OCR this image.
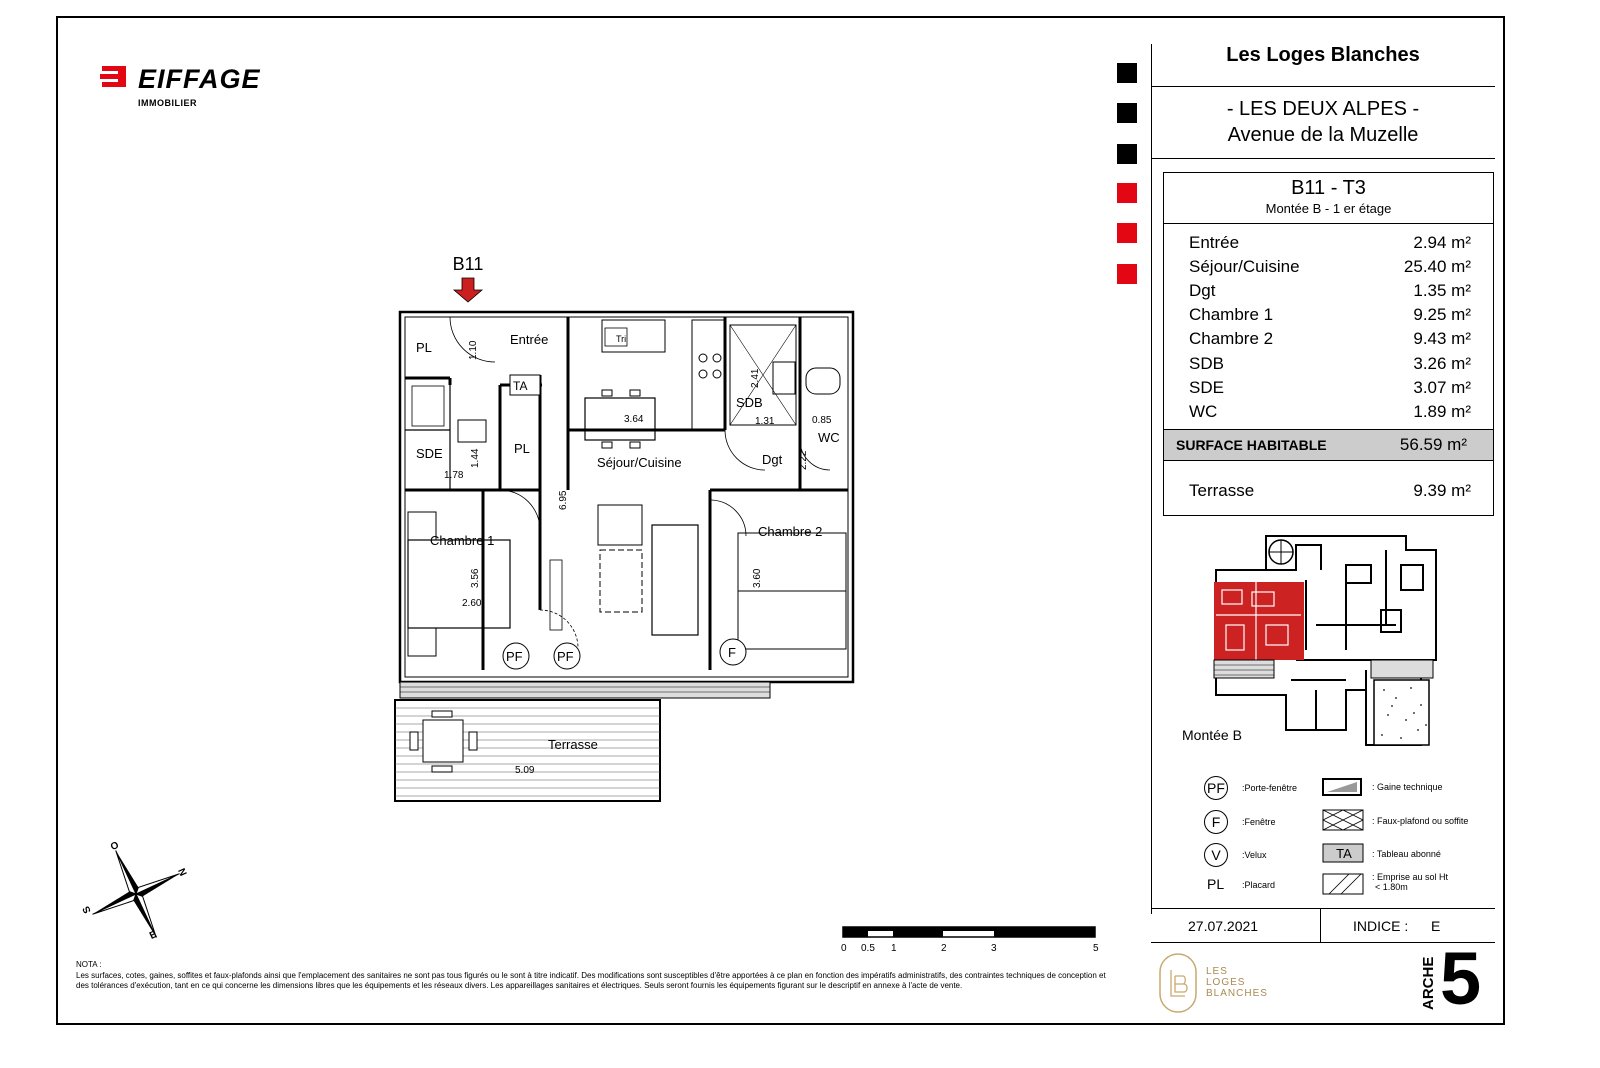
EIFFAGE
IMMOBILIER
Les Loges Blanches
- LES DEUX ALPES -
Avenue de la Muzelle
B11 - T3
Montée B - 1 er étage
Entrée	2.94 m²
Séjour/Cuisine	25.40 m²
Dgt	1.35 m²
Chambre 1	9.25 m²
Chambre 2	9.43 m²
SDB	3.26 m²
SDE	3.07 m²
WC	1.89 m²
SURFACE HABITABLE	56.59 m²
Terrasse	9.39 m²
Montée B
PF	:Porte-fenêtre
F	:Fenêtre
V	:Velux
PL :Placard
TA
: Gaine technique
: Faux-plafond ou soffite
: Tableau abonné
: Emprise au sol Ht
< 1.80m
27.07.2021	INDICE : E
LES
LOGES
BLANCHES	ARCHE 5
0 0.5 1	2	3	5
O
N
S
E
NOTA :
Les surfaces, cotes, gaines, soffites et faux-plafonds ainsi que l'emplacement des sanitaires ne sont pas tous figurés ou le sont à titre indicatif. Des modifications sont susceptibles d'être apportées à ce plan en fonction des impératifs administratifs, des contraintes techniques de conception et des tolérances d'exécution, tant en ce qui concerne les dimensions libres que les équipements et les réseaux divers. Les appareillages sanitaires et électriques. Seuls seront fournis les équipements figurant sur le descriptif en annexe à l'acte de vente.
B11
Entrée
Séjour/Cuisine	Dgt
Chambre 1
Chambre 2
SDB
SDE
WC
PL
PL
TA
Terrasse
Tri
PF	PF	F
1.10
3.64
6.95
1.44
1.78
3.56
2.60
3.60
2.22
0.85
5.09
2.41
1.31
